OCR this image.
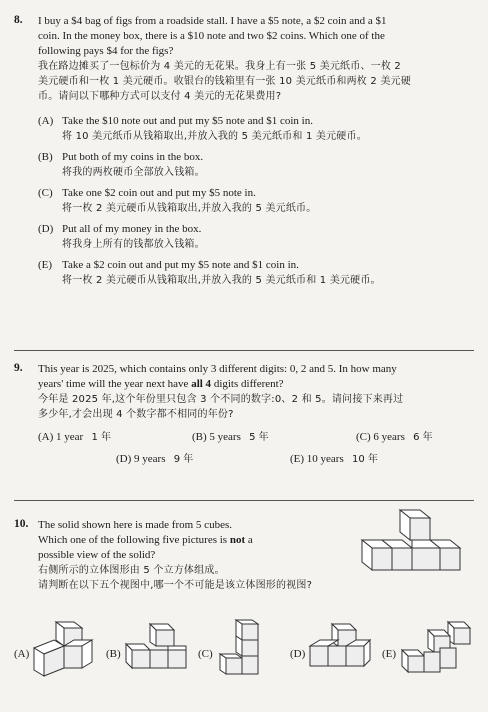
8. I buy a $4 bag of figs from a roadside stall. I have a $5 note, a $2 coin and a $1
coin. In the money box, there is a $10 note and two $2 coins. Which one of the
following pays $4 for the figs?
我在路边摊买了一包标价为 4 美元的无花果。我身上有一张 5 美元纸币、一枚 2
美元硬币和一枚 1 美元硬币。收银台的钱箱里有一张 10 美元纸币和两枚 2 美元硬
币。请问以下哪种方式可以支付 4 美元的无花果费用?
(A) Take the $10 note out and put my $5 note and $1 coin in.
将 10 美元纸币从钱箱取出,并放入我的 5 美元纸币和 1 美元硬币。
(B) Put both of my coins in the box.
将我的两枚硬币全部放入钱箱。
(C) Take one $2 coin out and put my $5 note in.
将一枚 2 美元硬币从钱箱取出,并放入我的 5 美元纸币。
(D) Put all of my money in the box.
将我身上所有的钱都放入钱箱。
(E) Take a $2 coin out and put my $5 note and $1 coin in.
将一枚 2 美元硬币从钱箱取出,并放入我的 5 美元纸币和 1 美元硬币。
9. This year is 2025, which contains only 3 different digits: 0, 2 and 5. In how many
years' time will the year next have all 4 digits different?
今年是 2025 年,这个年份里只包含 3 个不同的数字:0、2 和 5。请问接下来再过
多少年,才会出现 4 个数字都不相同的年份?
(A) 1 year 1 年	(B) 5 years 5 年	(C) 6 years 6 年
(D) 9 years 9 年	(E) 10 years 10 年
10. The solid shown here is made from 5 cubes.
Which one of the following five pictures is not a
possible view of the solid?
右侧所示的立体图形由 5 个立方体组成。
请判断在以下五个视图中,哪一个不可能是该立体图形的视图?
(A)	(B)	(C)	(D)	(E)
